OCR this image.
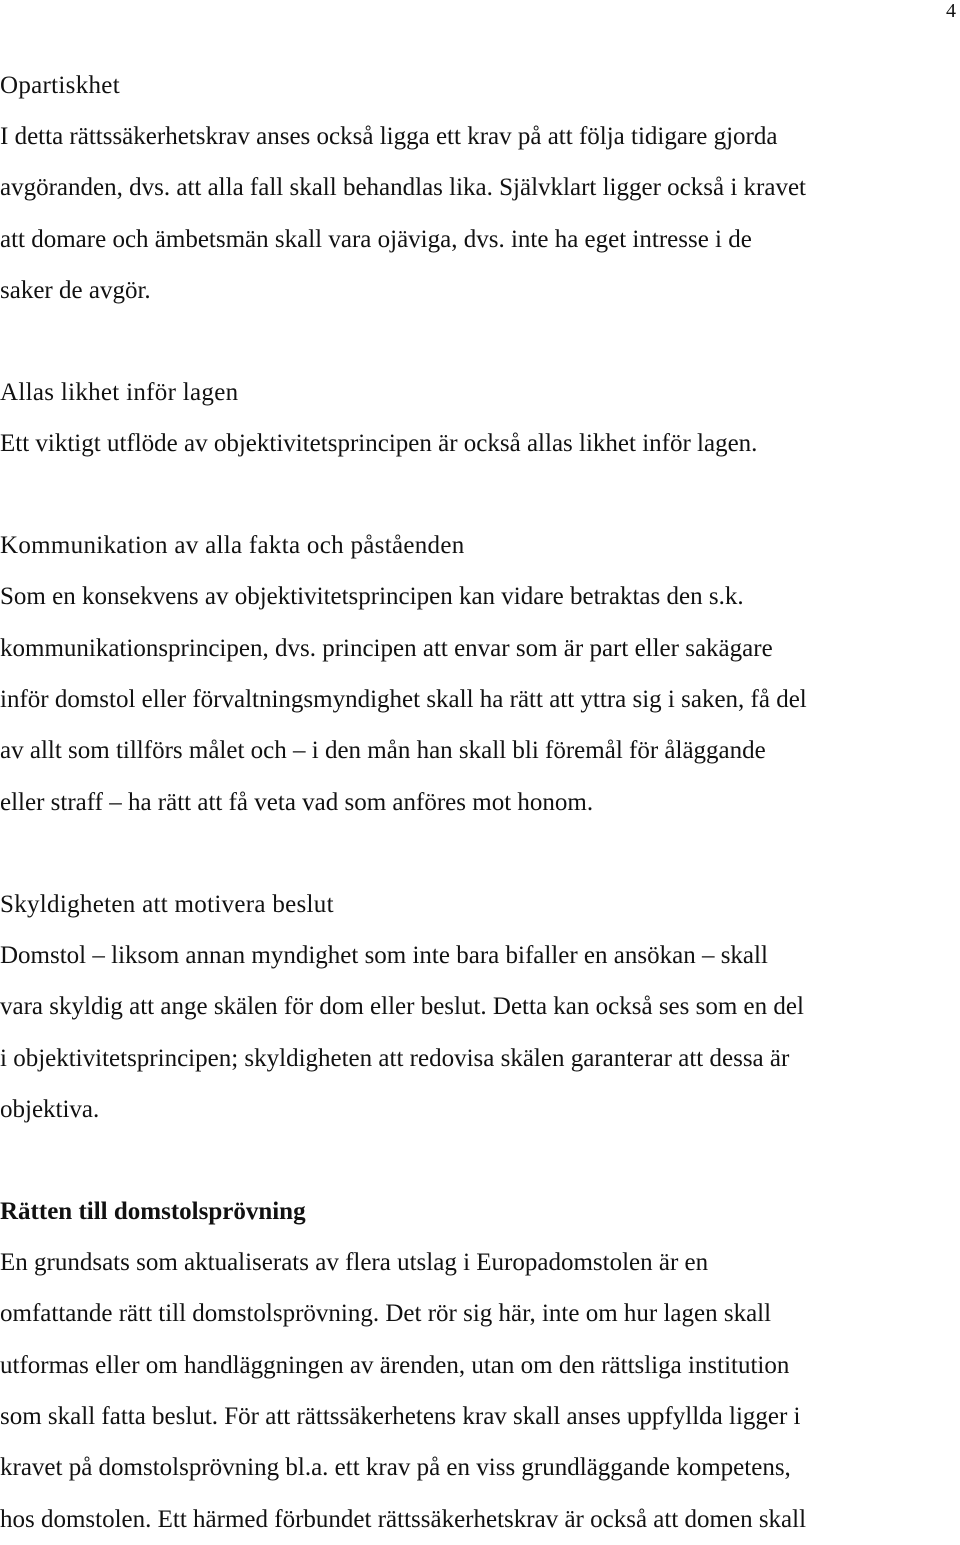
4
Opartiskhet
I detta rättssäkerhetskrav anses också ligga ett krav på att följa tidigare gjorda
avgöranden, dvs. att alla fall skall behandlas lika. Självklart ligger också i kravet
att domare och ämbetsmän skall vara ojäviga, dvs. inte ha eget intresse i de
saker de avgör.
Allas likhet inför lagen
Ett viktigt utflöde av objektivitetsprincipen är också allas likhet inför lagen.
Kommunikation av alla fakta och påståenden
Som en konsekvens av objektivitetsprincipen kan vidare betraktas den s.k.
kommunikationsprincipen, dvs. principen att envar som är part eller sakägare
inför domstol eller förvaltningsmyndighet skall ha rätt att yttra sig i saken, få del
av allt som tillförs målet och – i den mån han skall bli föremål för åläggande
eller straff – ha rätt att få veta vad som anföres mot honom.
Skyldigheten att motivera beslut
Domstol – liksom annan myndighet som inte bara bifaller en ansökan – skall
vara skyldig att ange skälen för dom eller beslut. Detta kan också ses som en del
i objektivitetsprincipen; skyldigheten att redovisa skälen garanterar att dessa är
objektiva.
Rätten till domstolsprövning
En grundsats som aktualiserats av flera utslag i Europadomstolen är en
omfattande rätt till domstolsprövning. Det rör sig här, inte om hur lagen skall
utformas eller om handläggningen av ärenden, utan om den rättsliga institution
som skall fatta beslut. För att rättssäkerhetens krav skall anses uppfyllda ligger i
kravet på domstolsprövning bl.a. ett krav på en viss grundläggande kompetens,
hos domstolen. Ett härmed förbundet rättssäkerhetskrav är också att domen skall
